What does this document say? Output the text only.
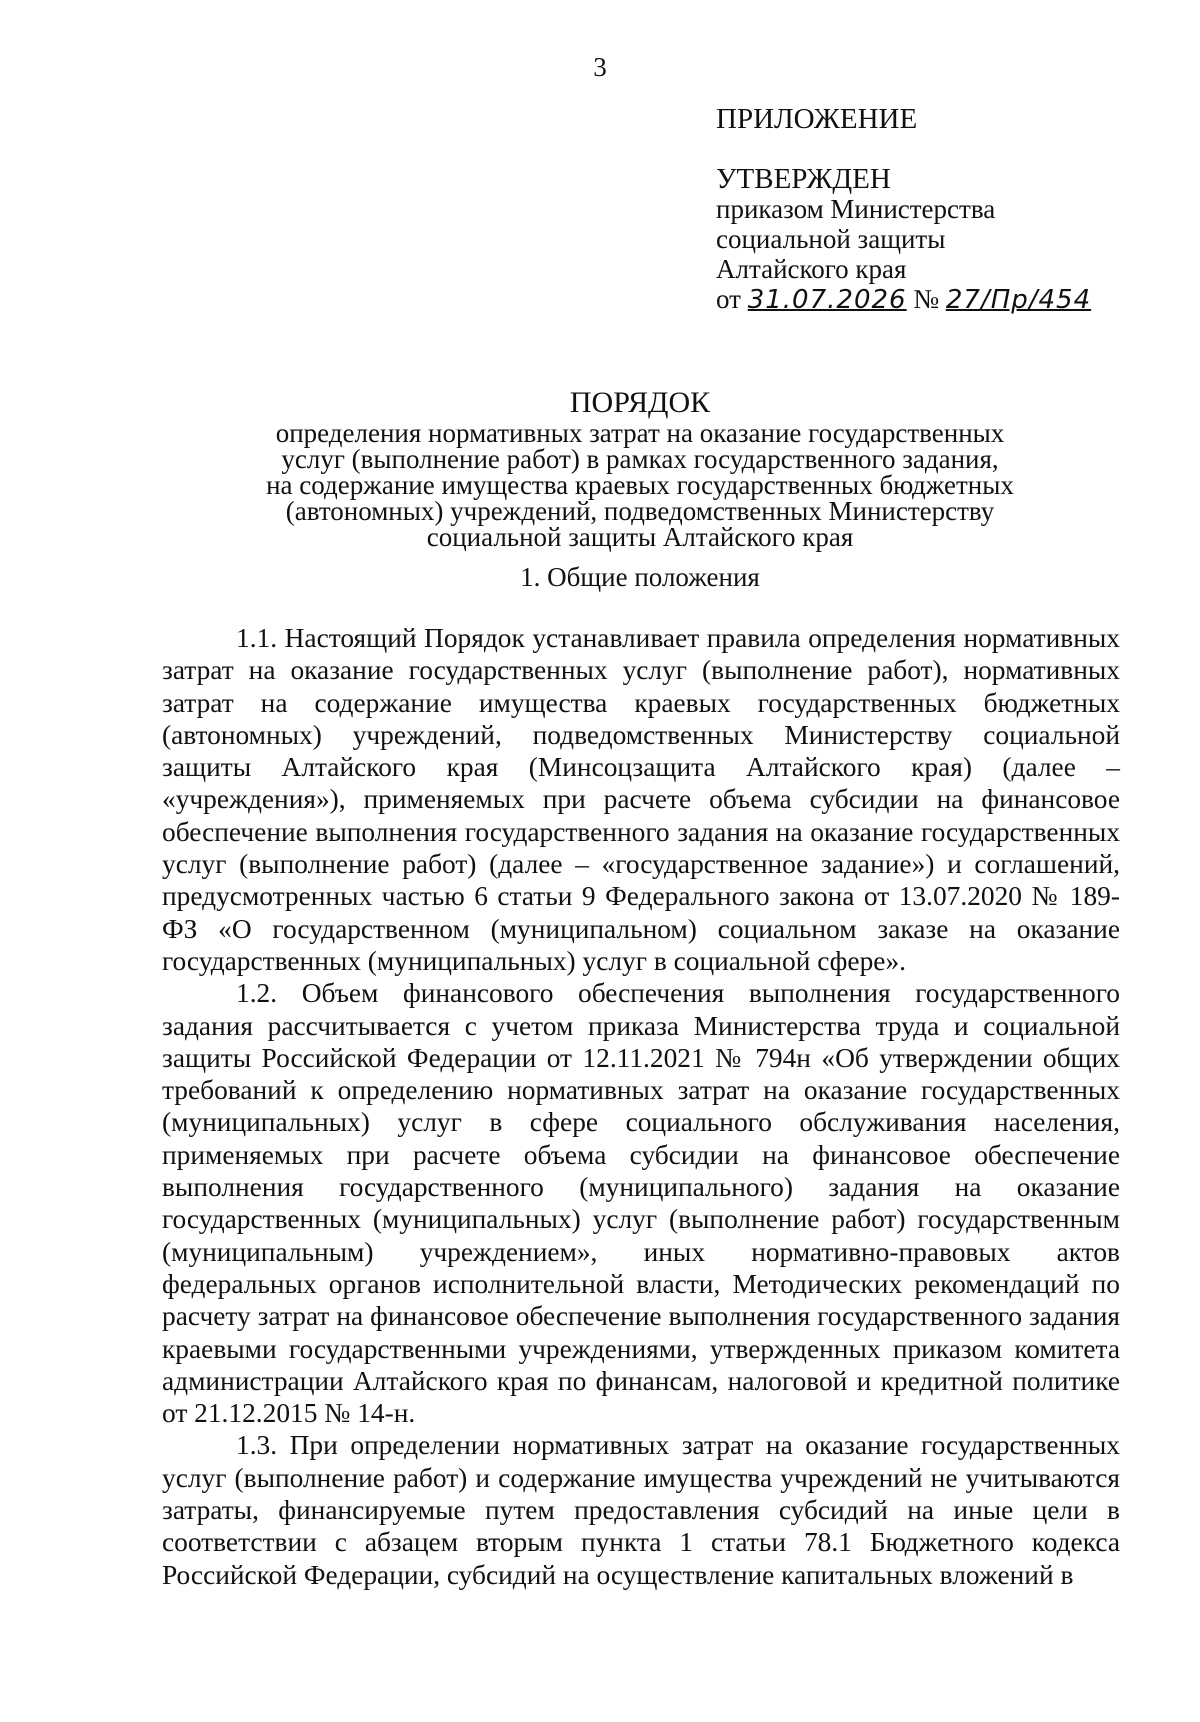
3
ПРИЛОЖЕНИЕ
УТВЕРЖДЕН
приказом Министерства
социальной защиты
Алтайского края
от 31.07.2026 № 27/Пр/454
ПОРЯДОК
определения нормативных затрат на оказание государственных
услуг (выполнение работ) в рамках государственного задания,
на содержание имущества краевых государственных бюджетных
(автономных) учреждений, подведомственных Министерству
социальной защиты Алтайского края
1. Общие положения

1.1. Настоящий Порядок устанавливает правила определения нормативных затрат на оказание государственных услуг (выполнение работ), нормативных затрат на содержание имущества краевых государственных бюджетных (автономных) учреждений, подведомственных Министерству социальной защиты Алтайского края (Минсоцзащита Алтайского края) (далее – «учреждения»), применяемых при расчете объема субсидии на финансовое обеспечение выполнения государственного задания на оказание государственных услуг (выполнение работ) (далее – «государственное задание») и соглашений, предусмотренных частью 6 статьи 9 Федерального закона от 13.07.2020 № 189-ФЗ «О государственном (муниципальном) социальном заказе на оказание государственных (муниципальных) услуг в социальной сфере».

1.2. Объем финансового обеспечения выполнения государственного задания рассчитывается с учетом приказа Министерства труда и социальной защиты Российской Федерации от 12.11.2021 № 794н «Об утверждении общих требований к определению нормативных затрат на оказание государственных (муниципальных) услуг в сфере социального обслуживания населения, применяемых при расчете объема субсидии на финансовое обеспечение выполнения государственного (муниципального) задания на оказание государственных (муниципальных) услуг (выполнение работ) государственным (муниципальным) учреждением», иных нормативно-правовых актов федеральных органов исполнительной власти, Методических рекомендаций по расчету затрат на финансовое обеспечение выполнения государственного задания краевыми государственными учреждениями, утвержденных приказом комитета администрации Алтайского края по финансам, налоговой и кредитной политике от 21.12.2015 № 14-н.

1.3. При определении нормативных затрат на оказание государственных услуг (выполнение работ) и содержание имущества учреждений не учитываются затраты, финансируемые путем предоставления субсидий на иные цели в соответствии с абзацем вторым пункта 1 статьи 78.1 Бюджетного кодекса Российской Федерации, субсидий на осуществление капитальных вложений в
